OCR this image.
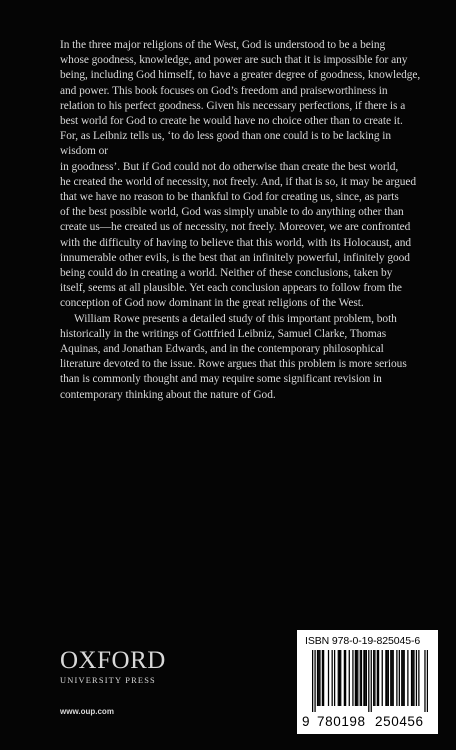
In the three major religions of the West, God is understood to be a being
whose goodness, knowledge, and power are such that it is impossible for any
being, including God himself, to have a greater degree of goodness, knowledge,
and power. This book focuses on God’s freedom and praiseworthiness in
relation to his perfect goodness. Given his necessary perfections, if there is a
best world for God to create he would have no choice other than to create it.
For, as Leibniz tells us, ‘to do less good than one could is to be lacking in
wisdom or
in goodness’. But if God could not do otherwise than create the best world,
he created the world of necessity, not freely. And, if that is so, it may be argued
that we have no reason to be thankful to God for creating us, since, as parts
of the best possible world, God was simply unable to do anything other than
create us—he created us of necessity, not freely. Moreover, we are confronted
with the difficulty of having to believe that this world, with its Holocaust, and
innumerable other evils, is the best that an infinitely powerful, infinitely good
being could do in creating a world. Neither of these conclusions, taken by
itself, seems at all plausible. Yet each conclusion appears to follow from the
conception of God now dominant in the great religions of the West.

William Rowe presents a detailed study of this important problem, both
historically in the writings of Gottfried Leibniz, Samuel Clarke, Thomas
Aquinas, and Jonathan Edwards, and in the contemporary philosophical
literature devoted to the issue. Rowe argues that this problem is more serious
than is commonly thought and may require some significant revision in
contemporary thinking about the nature of God.

OXFORD
UNIVERSITY PRESS
www.oup.com
ISBN 978-0-19-825045-6
9 780198 250456
